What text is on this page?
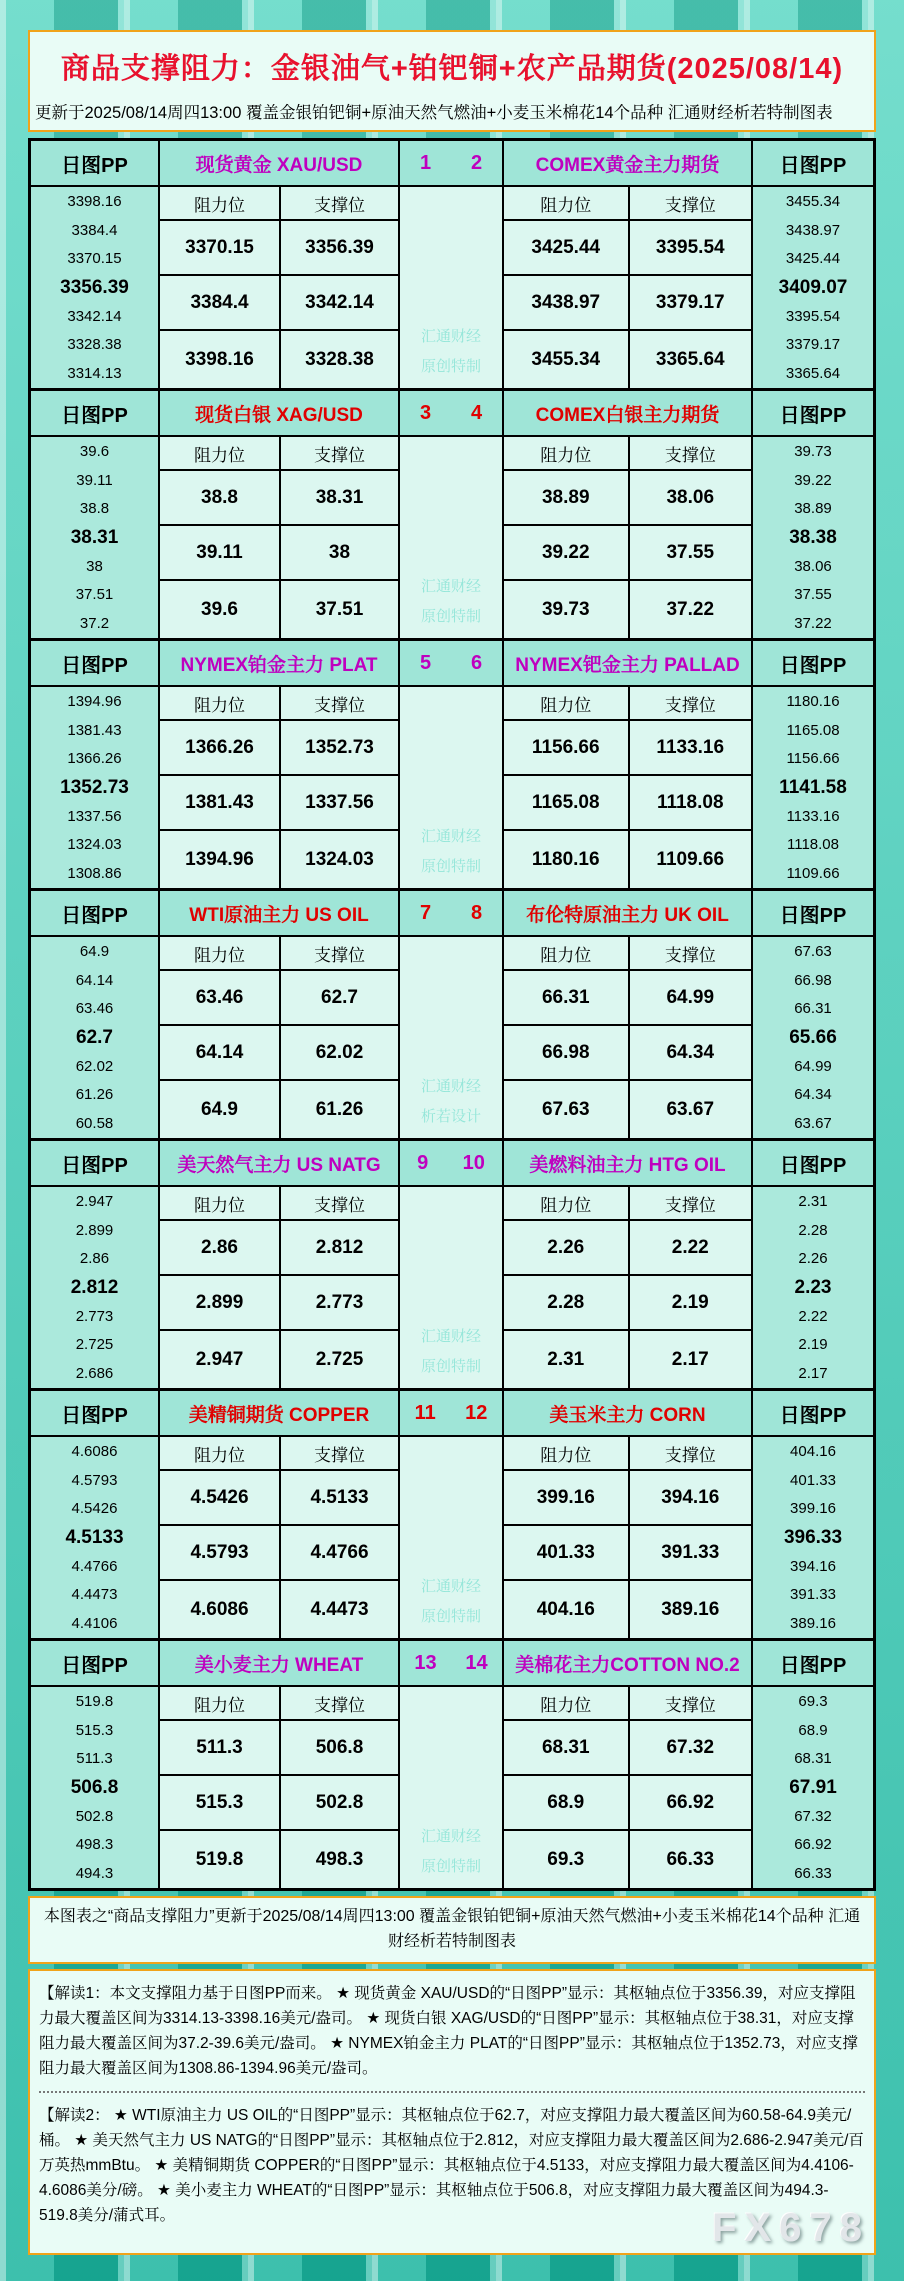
商品支撑阻力：金银油气+铂钯铜+农产品期货(2025/08/14)
更新于2025/08/14周四13:00 覆盖金银铂钯铜+原油天然气燃油+小麦玉米棉花14个品种 汇通财经析若特制图表
日图PP	现货黄金 XAU/USD	1 2	COMEX黄金主力期货	日图PP
3398.16
3384.4
3370.15
3356.39
3342.14
3328.38
3314.13
阻力位	支撑位
3370.15	3356.39
3384.4	3342.14
3398.16	3328.38
汇通财经
原创特制
阻力位	支撑位
3425.44	3395.54
3438.97	3379.17
3455.34	3365.64
3455.34
3438.97
3425.44
3409.07
3395.54
3379.17
3365.64
日图PP	现货白银 XAG/USD	3 4	COMEX白银主力期货	日图PP
39.6
39.11
38.8
38.31
38
37.51
37.2
阻力位	支撑位
38.8	38.31
39.11	38
39.6	37.51
汇通财经
原创特制
阻力位	支撑位
38.89	38.06
39.22	37.55
39.73	37.22
39.73
39.22
38.89
38.38
38.06
37.55
37.22
日图PP	NYMEX铂金主力 PLAT	5 6	NYMEX钯金主力 PALLAD	日图PP
1394.96
1381.43
1366.26
1352.73
1337.56
1324.03
1308.86
阻力位	支撑位
1366.26	1352.73
1381.43	1337.56
1394.96	1324.03
汇通财经
原创特制
阻力位	支撑位
1156.66	1133.16
1165.08	1118.08
1180.16	1109.66
1180.16
1165.08
1156.66
1141.58
1133.16
1118.08
1109.66
日图PP	WTI原油主力 US OIL	7 8	布伦特原油主力 UK OIL	日图PP
64.9
64.14
63.46
62.7
62.02
61.26
60.58
阻力位	支撑位
63.46	62.7
64.14	62.02
64.9	61.26
汇通财经
析若设计
阻力位	支撑位
66.31	64.99
66.98	64.34
67.63	63.67
67.63
66.98
66.31
65.66
64.99
64.34
63.67
日图PP	美天然气主力 US NATG	9 10	美燃料油主力 HTG OIL	日图PP
2.947
2.899
2.86
2.812
2.773
2.725
2.686
阻力位	支撑位
2.86	2.812
2.899	2.773
2.947	2.725
汇通财经
原创特制
阻力位	支撑位
2.26	2.22
2.28	2.19
2.31	2.17
2.31
2.28
2.26
2.23
2.22
2.19
2.17
日图PP	美精铜期货 COPPER	11 12	美玉米主力 CORN	日图PP
4.6086
4.5793
4.5426
4.5133
4.4766
4.4473
4.4106
阻力位	支撑位
4.5426	4.5133
4.5793	4.4766
4.6086	4.4473
汇通财经
原创特制
阻力位	支撑位
399.16	394.16
401.33	391.33
404.16	389.16
404.16
401.33
399.16
396.33
394.16
391.33
389.16
日图PP	美小麦主力 WHEAT	13 14	美棉花主力COTTON NO.2	日图PP
519.8
515.3
511.3
506.8
502.8
498.3
494.3
阻力位	支撑位
511.3	506.8
515.3	502.8
519.8	498.3
汇通财经
原创特制
阻力位	支撑位
68.31	67.32
68.9	66.92
69.3	66.33
69.3
68.9
68.31
67.91
67.32
66.92
66.33
本图表之“商品支撑阻力”更新于2025/08/14周四13:00 覆盖金银铂钯铜+原油天然气燃油+小麦玉米棉花14个品种 汇通财经析若特制图表

【解读1：本文支撑阻力基于日图PP而来。 ★ 现货黄金 XAU/USD的“日图PP”显示：其枢轴点位于3356.39，对应支撑阻力最大覆盖区间为3314.13-3398.16美元/盎司。 ★ 现货白银 XAG/USD的“日图PP”显示：其枢轴点位于38.31，对应支撑阻力最大覆盖区间为37.2-39.6美元/盎司。 ★ NYMEX铂金主力 PLAT的“日图PP”显示：其枢轴点位于1352.73，对应支撑阻力最大覆盖区间为1308.86-1394.96美元/盎司。

【解读2： ★ WTI原油主力 US OIL的“日图PP”显示：其枢轴点位于62.7，对应支撑阻力最大覆盖区间为60.58-64.9美元/桶。 ★ 美天然气主力 US NATG的“日图PP”显示：其枢轴点位于2.812，对应支撑阻力最大覆盖区间为2.686-2.947美元/百万英热mmBtu。 ★ 美精铜期货 COPPER的“日图PP”显示：其枢轴点位于4.5133，对应支撑阻力最大覆盖区间为4.4106-4.6086美分/磅。 ★ 美小麦主力 WHEAT的“日图PP”显示：其枢轴点位于506.8，对应支撑阻力最大覆盖区间为494.3-519.8美分/蒲式耳。	FX678
